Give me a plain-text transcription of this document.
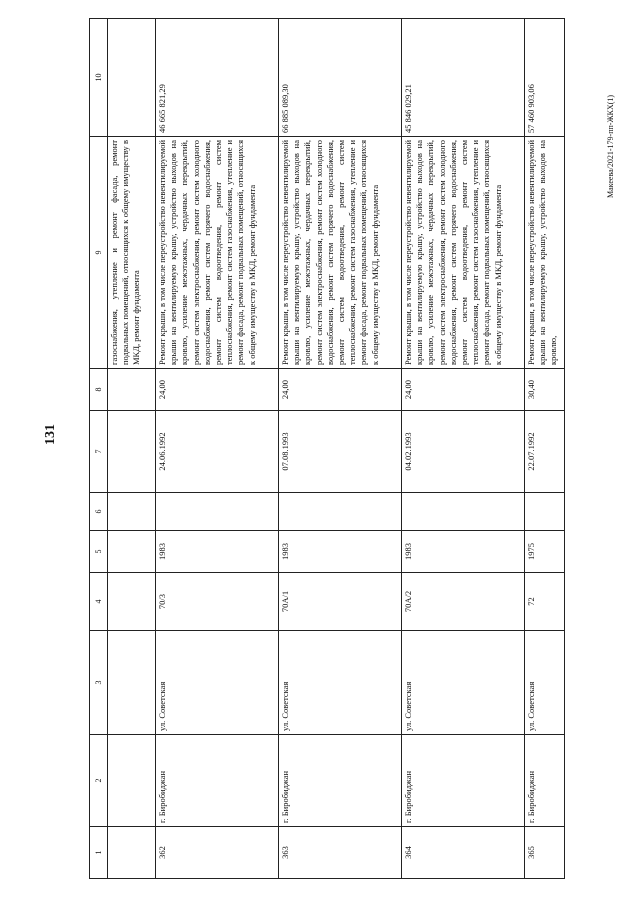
131
Макеева/2021-179-пп-ЖКХ(1)
1	2	3	4	5	6	7	8	9	10
								газоснабжения, утепление и ремонт фасада, ремонт подвальных помещений, относящихся к общему имуществу в МКД, ремонт фундамента	
362	г. Биробиджан	ул. Советская	70/3	1983		24.06.1992	24,00	Ремонт крыши, в том числе переустройство невентилируемой крыши на вентилируемую крышу, устройство выходов на кровлю, усиление межэтажных, чердачных перекрытий, ремонт систем электроснабжения, ремонт систем холодного водоснабжения, ремонт систем горячего водоснабжения, ремонт систем водоотведения, ремонт систем теплоснабжения, ремонт систем газоснабжения, утепление и ремонт фасада, ремонт подвальных помещений, относящихся к общему имуществу в МКД, ремонт фундамента	46 665 821,29
363	г. Биробиджан	ул. Советская	70А/1	1983		07.08.1993	24,00	Ремонт крыши, в том числе переустройство невентилируемой крыши на вентилируемую крышу, устройство выходов на кровлю, усиление межэтажных, чердачных перекрытий, ремонт систем электроснабжения, ремонт систем холодного водоснабжения, ремонт систем горячего водоснабжения, ремонт систем водоотведения, ремонт систем теплоснабжения, ремонт систем газоснабжения, утепление и ремонт фасада, ремонт подвальных помещений, относящихся к общему имуществу в МКД, ремонт фундамента	66 885 089,30
364	г. Биробиджан	ул. Советская	70А/2	1983		04.02.1993	24,00	Ремонт крыши, в том числе переустройство невентилируемой крыши на вентилируемую крышу, устройство выходов на кровлю, усиление межэтажных, чердачных перекрытий, ремонт систем электроснабжения, ремонт систем холодного водоснабжения, ремонт систем горячего водоснабжения, ремонт систем водоотведения, ремонт систем теплоснабжения, ремонт систем газоснабжения, утепление и ремонт фасада, ремонт подвальных помещений, относящихся к общему имуществу в МКД, ремонт фундамента	45 846 029,21
365	г. Биробиджан	ул. Советская	72	1975		22.07.1992	30,40	Ремонт крыши, в том числе переустройство невентилируемой крыши на вентилируемую крышу, устройство выходов на кровлю,	57 460 903,06
